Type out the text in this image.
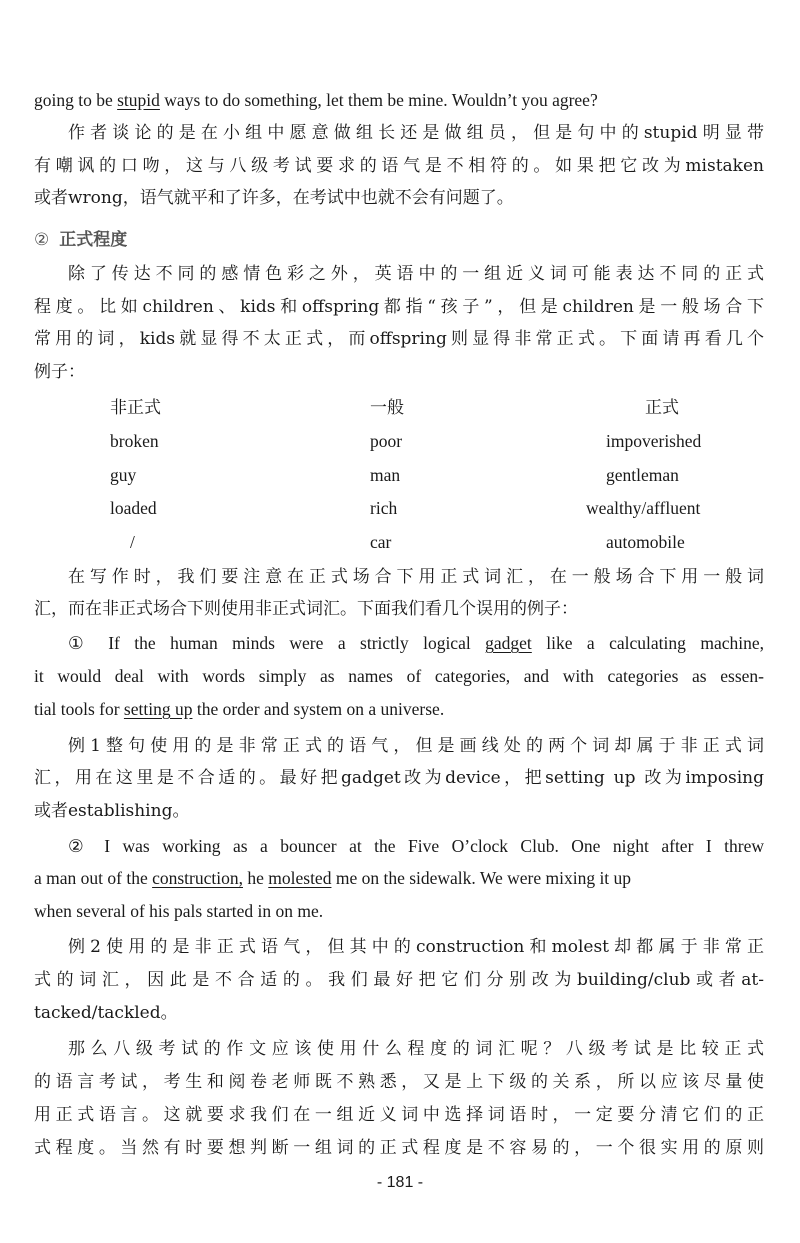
going to be stupid ways to do something, let them be mine. Wouldn’t you agree?
作者谈论的是在小组中愿意做组长还是做组员，但是句中的stupid明显带
有嘲讽的口吻，这与八级考试要求的语气是不相符的。如果把它改为mistaken
或者wrong，语气就平和了许多，在考试中也就不会有问题了。
② 正式程度
除了传达不同的感情色彩之外，英语中的一组近义词可能表达不同的正式
程度。比如children、kids和offspring都指“孩子”，但是children是一般场合下
常用的词，kids就显得不太正式，而offspring则显得非常正式。下面请再看几个
例子：
非正式	一般	正式
broken	poor	impoverished
guy	man	gentleman
loaded	rich	wealthy/affluent
/	car	automobile
在写作时，我们要注意在正式场合下用正式词汇，在一般场合下用一般词
汇，而在非正式场合下则使用非正式词汇。下面我们看几个误用的例子：
① If the human minds were a strictly logical gadget like a calculating machine,
it would deal with words simply as names of categories, and with categories as essen-
tial tools for setting up the order and system on a universe.
例1整句使用的是非常正式的语气，但是画线处的两个词却属于非正式词
汇，用在这里是不合适的。最好把gadget改为device，把setting up 改为imposing
或者establishing。
② I was working as a bouncer at the Five O’clock Club. One night after I threw
a man out of the construction, he molested me on the sidewalk. We were mixing it up
when several of his pals started in on me.
例2使用的是非正式语气，但其中的construction和molest却都属于非常正
式的词汇，因此是不合适的。我们最好把它们分别改为building/club或者at-
tacked/tackled。
那么八级考试的作文应该使用什么程度的词汇呢？八级考试是比较正式
的语言考试，考生和阅卷老师既不熟悉，又是上下级的关系，所以应该尽量使
用正式语言。这就要求我们在一组近义词中选择词语时，一定要分清它们的正
式程度。当然有时要想判断一组词的正式程度是不容易的，一个很实用的原则
- 181 -
